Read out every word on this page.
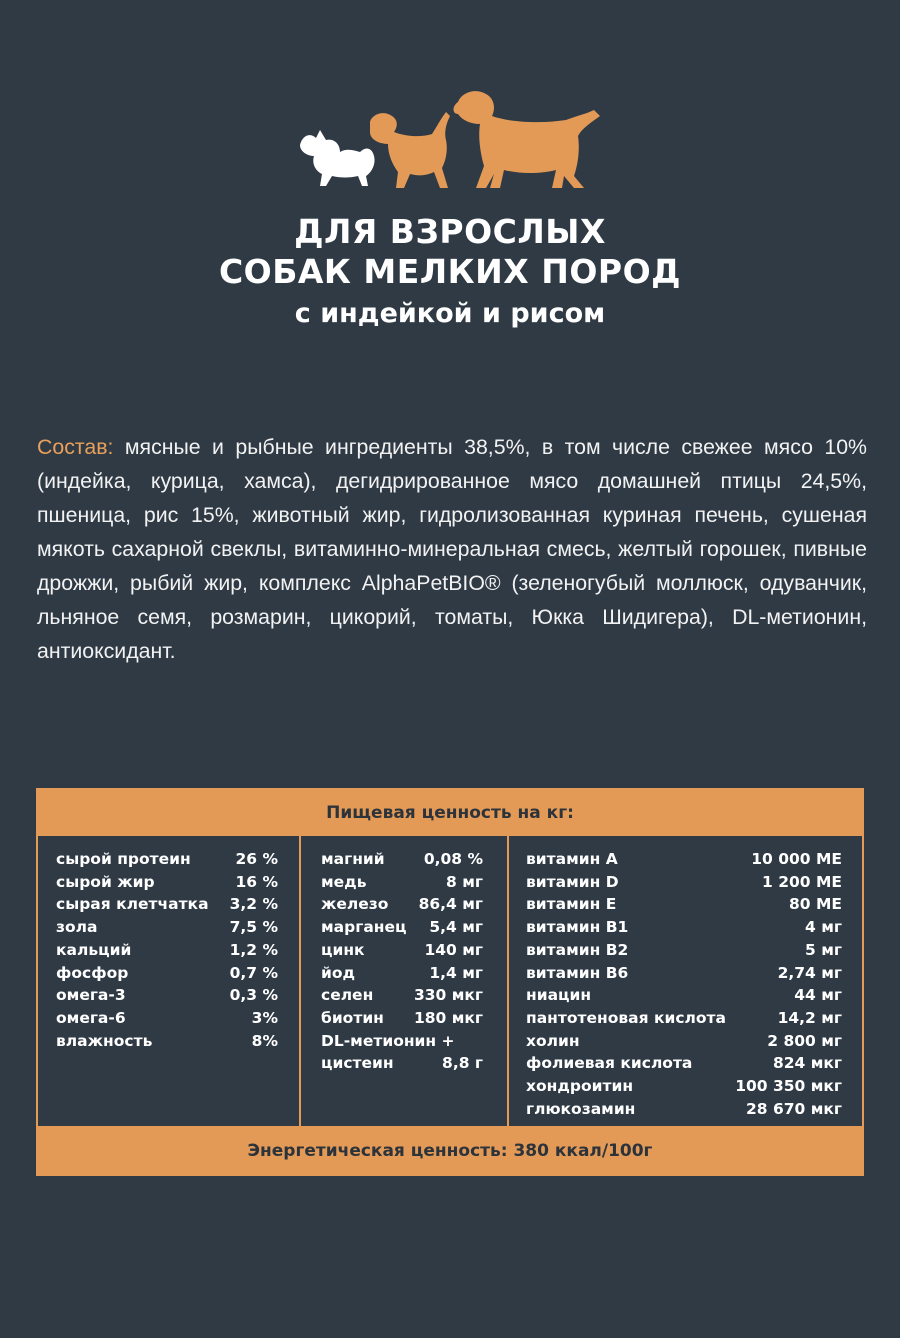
ДЛЯ ВЗРОСЛЫХ
СОБАК МЕЛКИХ ПОРОД
с индейкой и рисом
Состав: мясные и рыбные ингредиенты 38,5%, в том числе свежее мясо 10% (индейка, курица, хамса), дегидрированное мясо домашней птицы 24,5%, пшеница, рис 15%, животный жир, гидролизованная куриная печень, сушеная мякоть сахарной свеклы, витаминно-минеральная смесь, желтый горошек, пивные дрожжи, рыбий жир, комплекс AlphaPetBIO® (зеленогубый моллюск, одуванчик, льняное семя, розмарин, цикорий, томаты, Юкка Шидигера), DL-метионин, антиоксидант.
Пищевая ценность на кг:
сырой протеин	26 %
сырой жир	16 %
сырая клетчатка 3,2 %
зола	7,5 %
кальций	1,2 %
фосфор	0,7 %
омега-3	0,3 %
омега-6	3%
влажность	8%
магний	0,08 %
медь	8 мг
железо 86,4 мг
марганец 5,4 мг
цинк	140 мг
йод	1,4 мг
селен	330 мкг
биотин 180 мкг
DL-метионин +
цистеин	8,8 г
витамин A	10 000 МЕ
витамин D	1 200 МЕ
витамин E	80 МЕ
витамин B1	4 мг
витамин B2	5 мг
витамин B6	2,74 мг
ниацин	44 мг
пантотеновая кислота	14,2 мг
холин	2 800 мг
фолиевая кислота	824 мкг
хондроитин	100 350 мкг
глюкозамин	28 670 мкг
Энергетическая ценность: 380 ккал/100г
